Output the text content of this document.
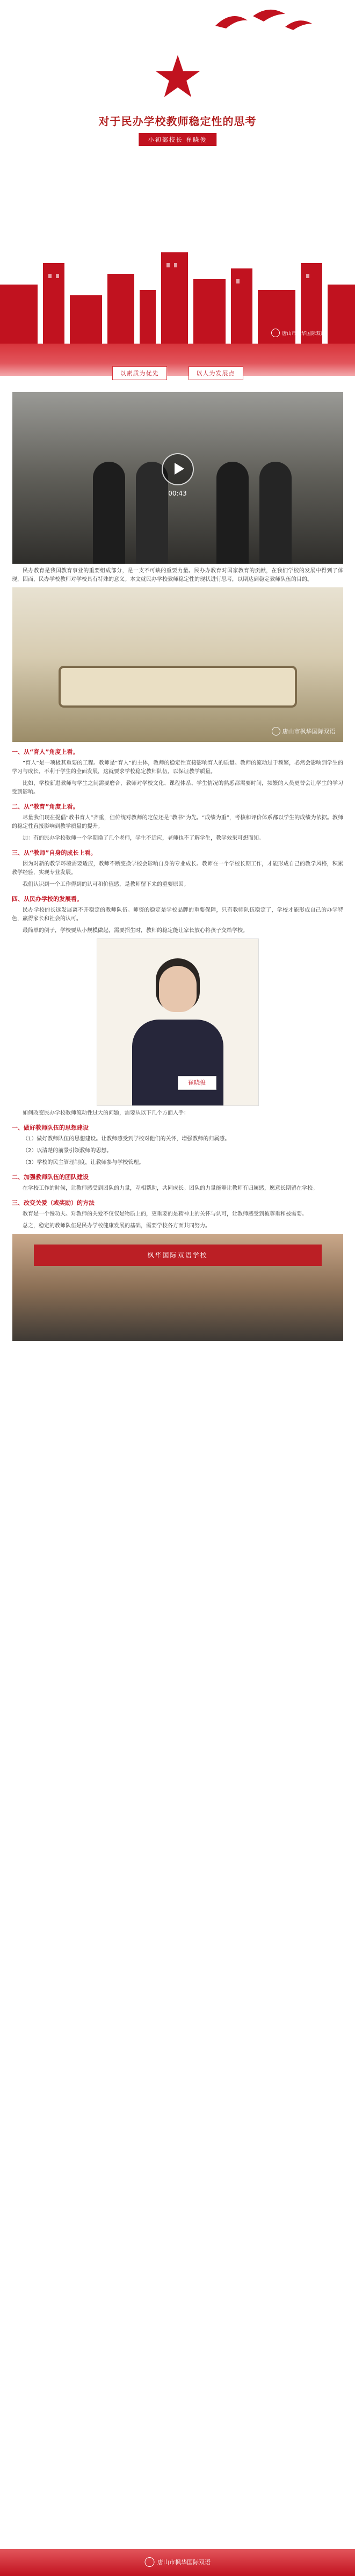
对于民办学校教师稳定性的思考
小初部校长 崔晓俊
唐山市枫华国际双语
以素质为优先	以人为发展点
00:43

民办教育是我国教育事业的重要组成部分，是一支不可缺的重要力量。民办办教育对国家教育的贡献，在我们学校的发展中得到了体现，因而，民办学校教师对学校具有特殊的意义。本文就民办学校教师稳定性的现状进行思考，以期达到稳定教师队伍的目的。

唐山市枫华国际双语
一、从“育人”角度上看。

“育人”是一项极其重要的工程。教师是“育人”的主体，教师的稳定性直接影响育人的质量。教师的流动过于频繁，必然会影响到学生的学习与成长，不利于学生的全面发展，这就要求学校稳定教师队伍，以保证教学质量。

比如，学校新进教师与学生之间需要磨合，教师对学校文化、课程体系、学生情况的熟悉都需要时间，频繁的人员更替会让学生的学习受到影响。

二、从“教育”角度上看。

尽量我们现在提倡“教书育人”齐重，但传统对教师的定位还是“教书”为先。“成绩为重”，考核和评价体系都以学生的成绩为依据。教师的稳定性直接影响到教学质量的提升。

加：有的民办学校教师一个学期换了几个老师，学生不适应，老师也不了解学生，教学效果可想而知。

三、从“教师”自身的成长上看。

因为对新的教学环境需要适应，教师不断变换学校会影响自身的专业成长。教师在一个学校长期工作，才能形成自己的教学风格，积累教学经验，实现专业发展。

我们认识到一个工作得到的认可和价值感，是教师留下来的重要原因。

四、从民办学校的发展看。

民办学校的长远发展离不开稳定的教师队伍。师资的稳定是学校品牌的重要保障，只有教师队伍稳定了，学校才能形成自己的办学特色，赢得家长和社会的认可。

最简单的例子，学校要从小规模做起，需要招生时，教师的稳定能让家长放心将孩子交给学校。

崔晓俊

如何改变民办学校教师流动性过大的问题，需要从以下几个方面入手：

一、做好教师队伍的思想建设

（1）做好教师队伍的思想建设。让教师感受到学校对他们的关怀，增强教师的归属感。

（2）以清楚的前景引领教师的思想。

（3）学校的民主管理制度，让教师参与学校管理。

二、加强教师队伍的团队建设

在学校工作的时候，让教师感受到团队的力量，互相帮助，共同成长。团队的力量能够让教师有归属感，愿意长期留在学校。

三、改变关爱（或奖励）的方法

教育是一个慢功夫。对教师的关爱不仅仅是物质上的，更重要的是精神上的关怀与认可，让教师感受到被尊重和被需要。

总之，稳定的教师队伍是民办学校健康发展的基础，需要学校各方面共同努力。

枫华国际双语学校
唐山市枫华国际双语
